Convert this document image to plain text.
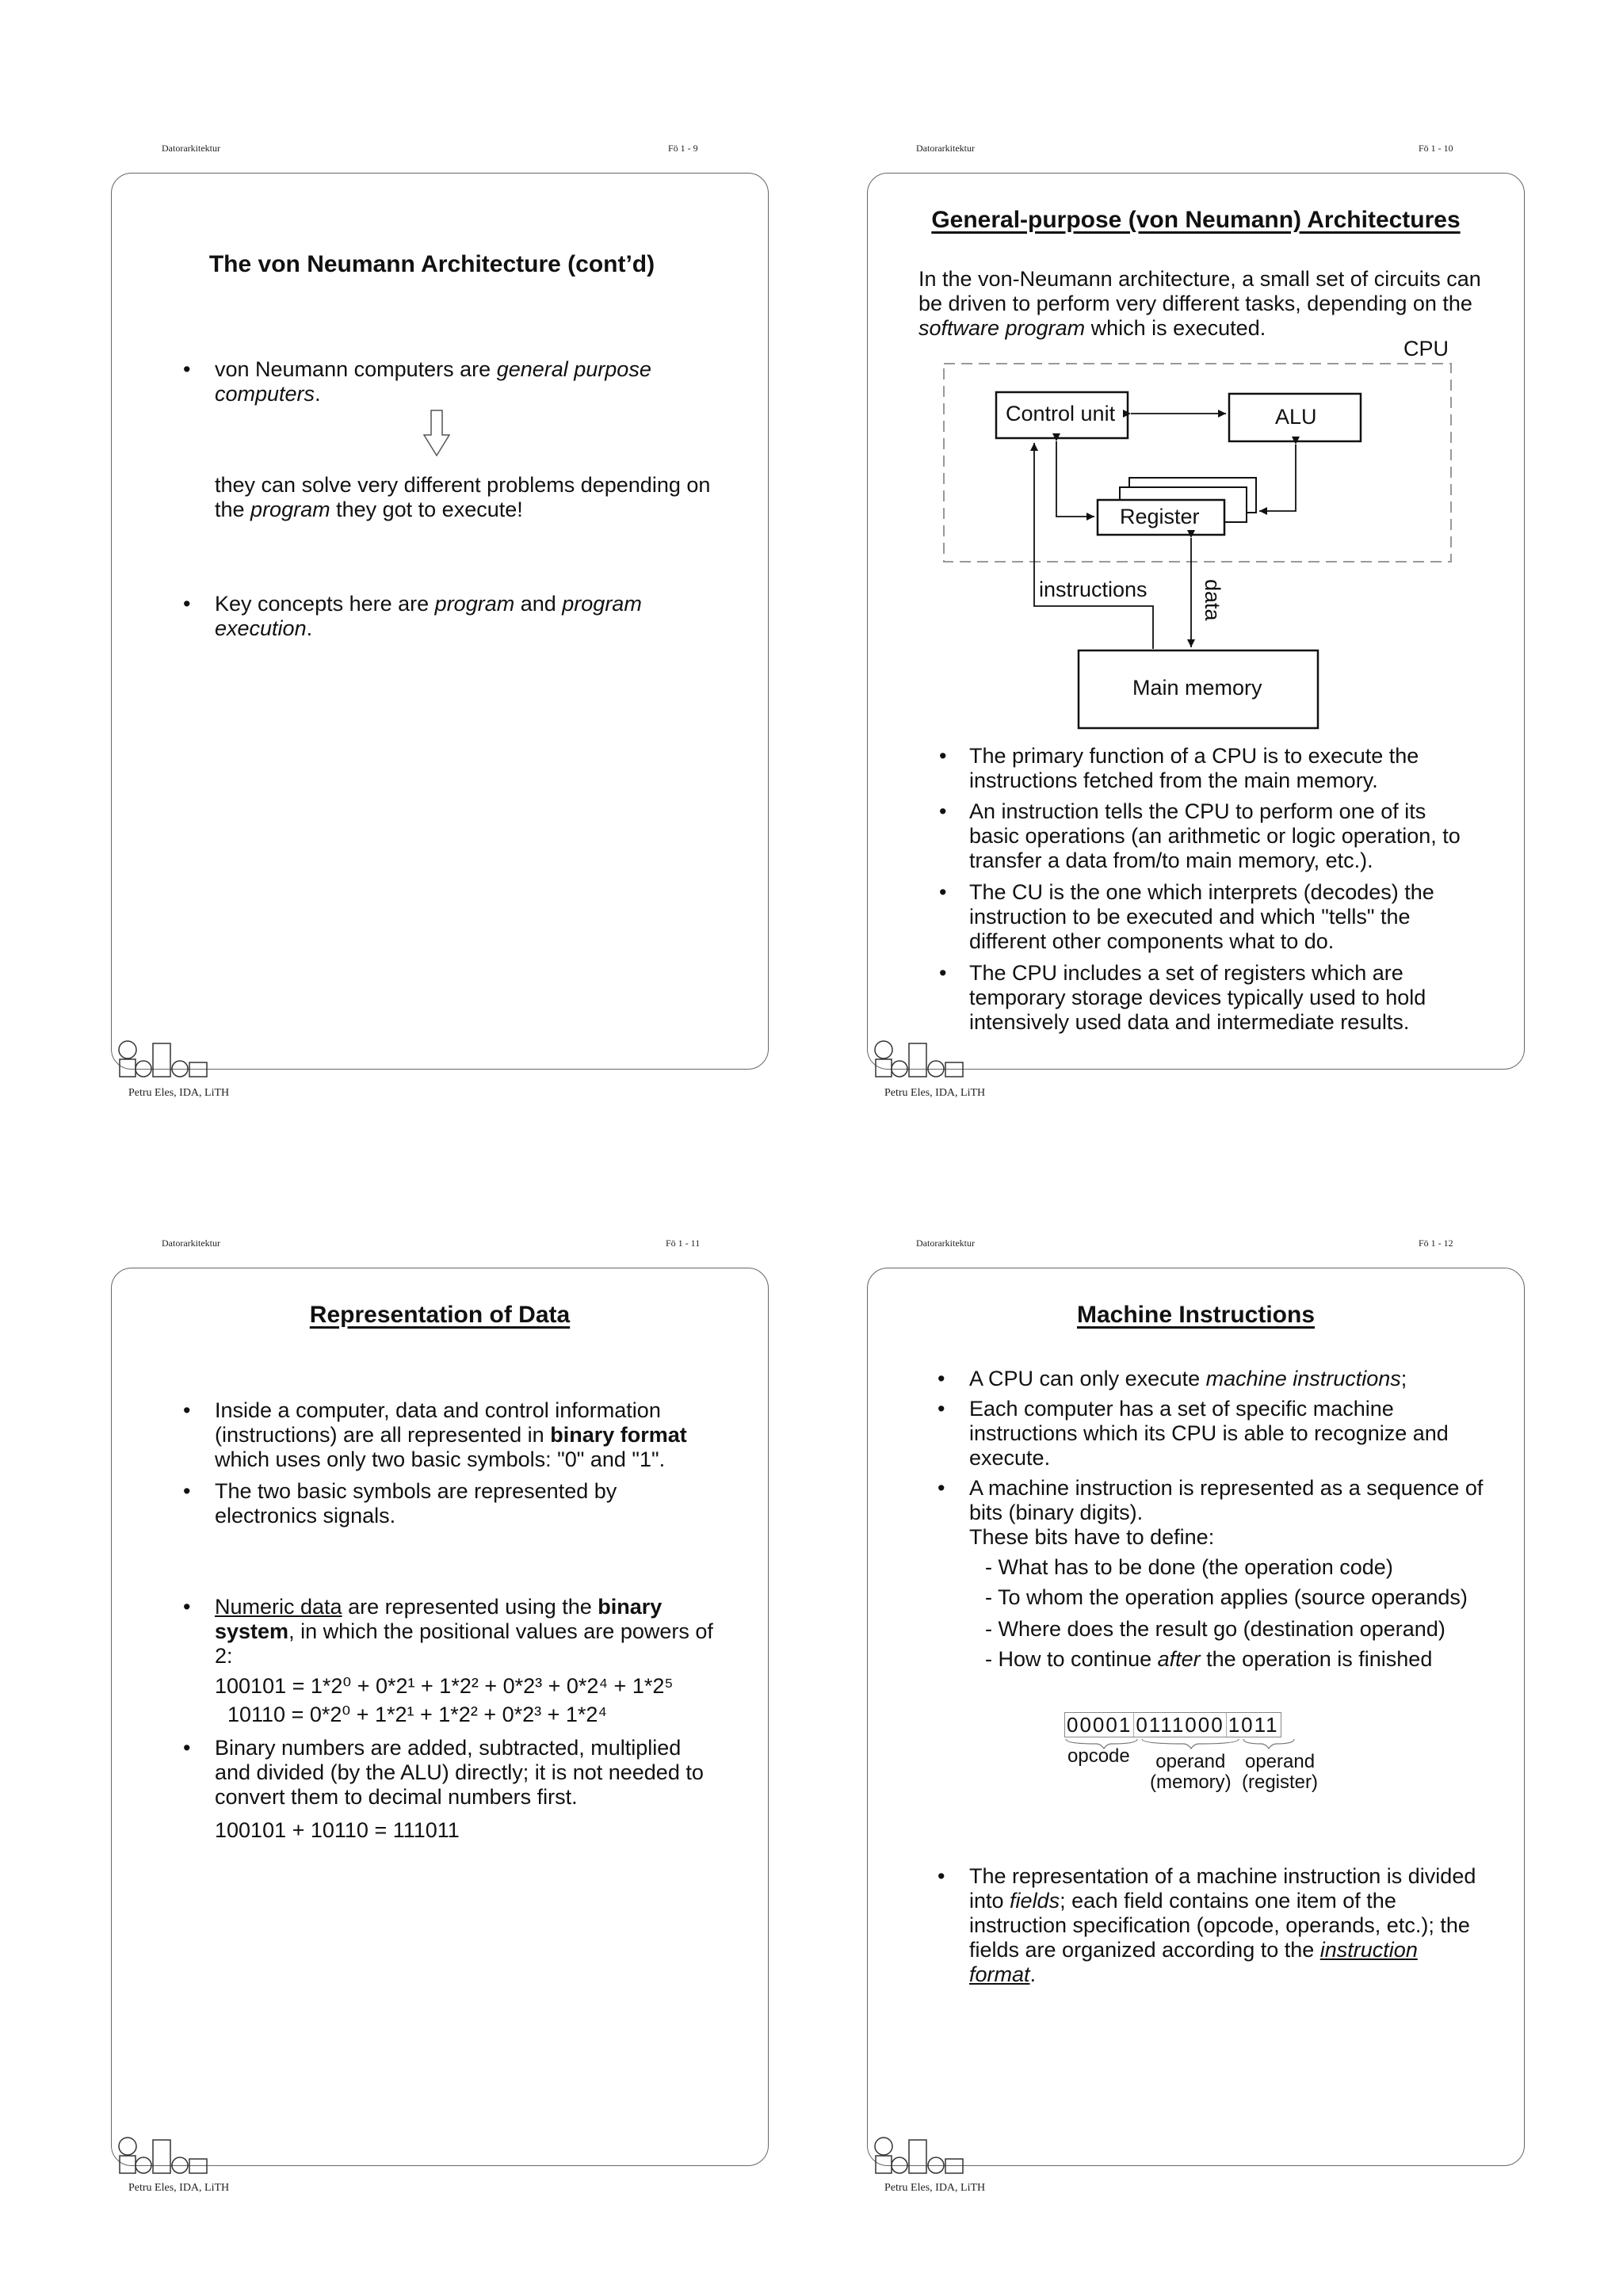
Datorarkitektur	Fö 1 - 9
The von Neumann Architecture (cont’d)
• von Neumann computers are general purpose computers.
they can solve very different problems depending on the program they got to execute!
• Key concepts here are program and program execution.
Petru Eles, IDA, LiTH
Datorarkitektur	Fö 1 - 10
General-purpose (von Neumann) Architectures
In the von-Neumann architecture, a small set of circuits can be driven to perform very different tasks, depending on the software program which is executed.
CPU
Control unit	ALU
Register
instructions data
Main memory
The primary function of a CPU is to execute the instructions fetched from the main memory.
An instruction tells the CPU to perform one of its basic operations (an arithmetic or logic operation, to transfer a data from/to main memory, etc.).
The CU is the one which interprets (decodes) the instruction to be executed and which "tells" the different other components what to do.
The CPU includes a set of registers which are temporary storage devices typically used to hold intensively used data and intermediate results.
•
•
•
•
Petru Eles, IDA, LiTH
Datorarkitektur	Fö 1 - 11
Representation of Data
• Inside a computer, data and control information (instructions) are all represented in binary format which uses only two basic symbols: "0" and "1".
• The two basic symbols are represented by electronics signals.
• Numeric data are represented using the binary system, in which the positional values are powers of 2:
100101 = 1*2⁰ + 0*2¹ + 1*2² + 0*2³ + 0*2⁴ + 1*2⁵
10110 = 0*2⁰ + 1*2¹ + 1*2² + 0*2³ + 1*2⁴
• Binary numbers are added, subtracted, multiplied and divided (by the ALU) directly; it is not needed to convert them to decimal numbers first.
100101 + 10110 = 111011
Petru Eles, IDA, LiTH
Datorarkitektur	Fö 1 - 12
Machine Instructions
• A CPU can only execute machine instructions;
• Each computer has a set of specific machine instructions which its CPU is able to recognize and execute.
• A machine instruction is represented as a sequence of bits (binary digits).
These bits have to define:
- What has to be done (the operation code)
- To whom the operation applies (source operands)
- Where does the result go (destination operand)
- How to continue after the operation is finished
00001 0111000 1011
opcode	operand
(memory)
operand
(register)
• The representation of a machine instruction is divided into fields; each field contains one item of the instruction specification (opcode, operands, etc.); the fields are organized according to the instruction format.
Petru Eles, IDA, LiTH
